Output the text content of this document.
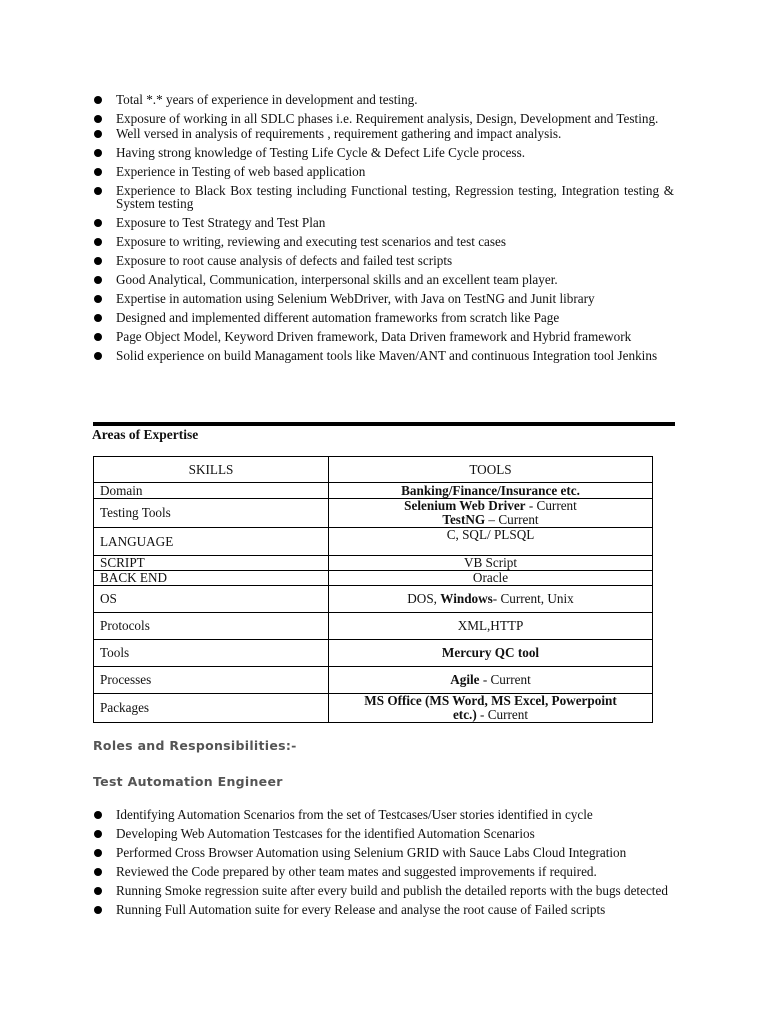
Total *.* years of experience in development and testing.
Exposure of working in all SDLC phases i.e. Requirement analysis, Design, Development and Testing.
Well versed in analysis of requirements , requirement gathering and impact analysis.
Having strong knowledge of Testing Life Cycle & Defect Life Cycle process.
Experience in Testing of web based application
Experience to Black Box testing including Functional testing, Regression testing, Integration testing & System testing
Exposure to Test Strategy and Test Plan
Exposure to writing, reviewing and executing test scenarios and test cases
Exposure to root cause analysis of defects and failed test scripts
Good Analytical, Communication, interpersonal skills and an excellent team player.
Expertise in automation using Selenium WebDriver, with Java on TestNG and Junit library
Designed and implemented different automation frameworks from scratch like Page
Page Object Model, Keyword Driven framework, Data Driven framework and Hybrid framework
Solid experience on build Managament tools like Maven/ANT and continuous Integration tool Jenkins
Areas of Expertise
SKILLS	TOOLS
Domain	Banking/Finance/Insurance etc.
Testing Tools	Selenium Web Driver - Current
TestNG – Current
LANGUAGE	C, SQL/ PLSQL
SCRIPT	VB Script
BACK END	Oracle
OS	DOS, Windows- Current, Unix
Protocols	XML,HTTP
Tools	Mercury QC tool
Processes	Agile - Current
Packages	MS Office (MS Word, MS Excel, Powerpoint
etc.) - Current
Roles and Responsibilities:-
Test Automation Engineer
Identifying Automation Scenarios from the set of Testcases/User stories identified in cycle
Developing Web Automation Testcases for the identified Automation Scenarios
Performed Cross Browser Automation using Selenium GRID with Sauce Labs Cloud Integration
Reviewed the Code prepared by other team mates and suggested improvements if required.
Running Smoke regression suite after every build and publish the detailed reports with the bugs detected
Running Full Automation suite for every Release and analyse the root cause of Failed scripts
